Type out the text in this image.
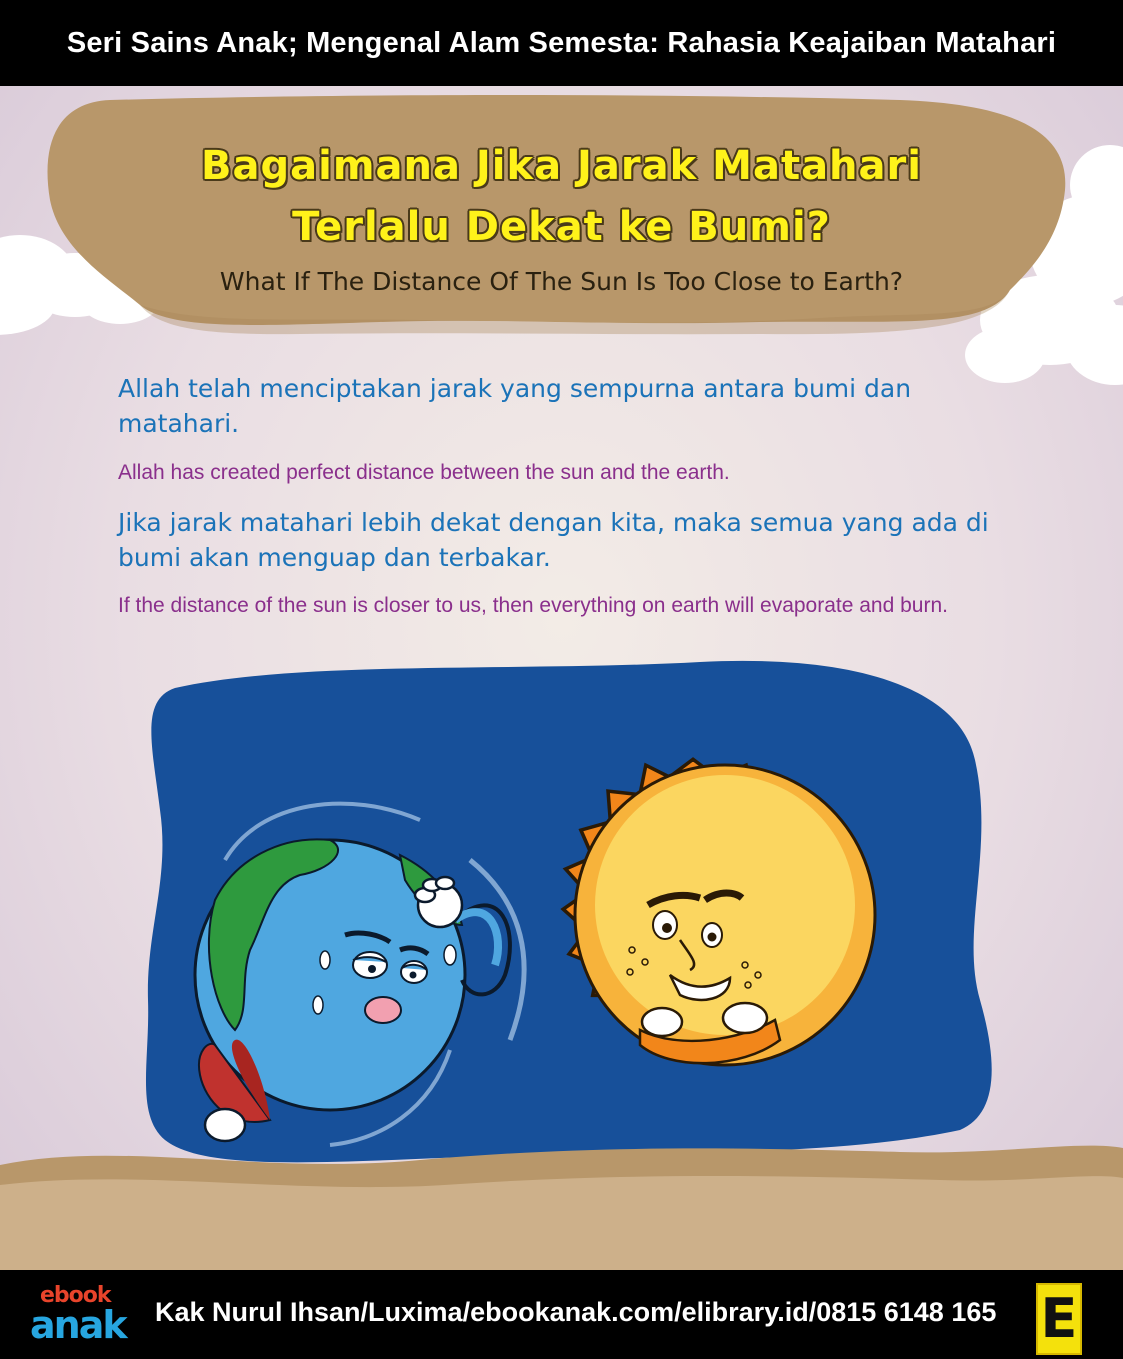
Seri Sains Anak; Mengenal Alam Semesta: Rahasia Keajaiban Matahari
Bagaimana Jika Jarak Matahari
Terlalu Dekat ke Bumi?
What If The Distance Of The Sun Is Too Close to Earth?
Allah telah menciptakan jarak yang sempurna antara bumi dan matahari.
Allah has created perfect distance between the sun and the earth.
Jika jarak matahari lebih dekat dengan kita, maka semua yang ada di bumi akan menguap dan terbakar.
If the distance of the sun is closer to us, then everything on earth will evaporate and burn.
ebook
anak Kak Nurul Ihsan/Luxima/ebookanak.com/elibrary.id/0815 6148 165 E
